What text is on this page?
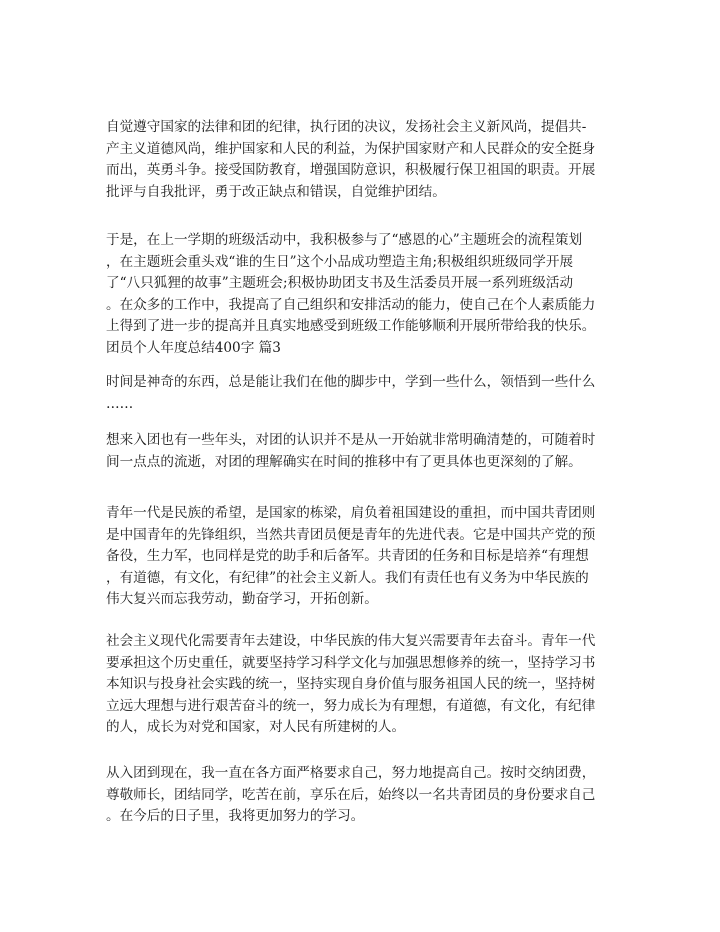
自觉遵守国家的法律和团的纪律，执行团的决议，发扬社会主义新风尚，提倡共-
产主义道德风尚，维护国家和人民的利益，为保护国家财产和人民群众的安全挺身
而出，英勇斗争。接受国防教育，增强国防意识，积极履行保卫祖国的职责。开展
批评与自我批评，勇于改正缺点和错误，自觉维护团结。
于是，在上一学期的班级活动中，我积极参与了“感恩的心”主题班会的流程策划
，在主题班会重头戏“谁的生日”这个小品成功塑造主角;积极组织班级同学开展
了“八只狐狸的故事”主题班会;积极协助团支书及生活委员开展一系列班级活动
。在众多的工作中，我提高了自己组织和安排活动的能力，使自己在个人素质能力
上得到了进一步的提高并且真实地感受到班级工作能够顺利开展所带给我的快乐。
团员个人年度总结400字 篇3
时间是神奇的东西，总是能让我们在他的脚步中，学到一些什么，领悟到一些什么
……
想来入团也有一些年头，对团的认识并不是从一开始就非常明确清楚的，可随着时
间一点点的流逝，对团的理解确实在时间的推移中有了更具体也更深刻的了解。
青年一代是民族的希望，是国家的栋梁，肩负着祖国建设的重担，而中国共青团则
是中国青年的先锋组织，当然共青团员便是青年的先进代表。它是中国共产党的预
备役，生力军，也同样是党的助手和后备军。共青团的任务和目标是培养“有理想
，有道德，有文化，有纪律”的社会主义新人。我们有责任也有义务为中华民族的
伟大复兴而忘我劳动，勤奋学习，开拓创新。
社会主义现代化需要青年去建设，中华民族的伟大复兴需要青年去奋斗。青年一代
要承担这个历史重任，就要坚持学习科学文化与加强思想修养的统一，坚持学习书
本知识与投身社会实践的统一，坚持实现自身价值与服务祖国人民的统一，坚持树
立远大理想与进行艰苦奋斗的统一，努力成长为有理想，有道德，有文化，有纪律
的人，成长为对党和国家，对人民有所建树的人。
从入团到现在，我一直在各方面严格要求自己，努力地提高自己。按时交纳团费，
尊敬师长，团结同学，吃苦在前，享乐在后，始终以一名共青团员的身份要求自己
。在今后的日子里，我将更加努力的学习。
